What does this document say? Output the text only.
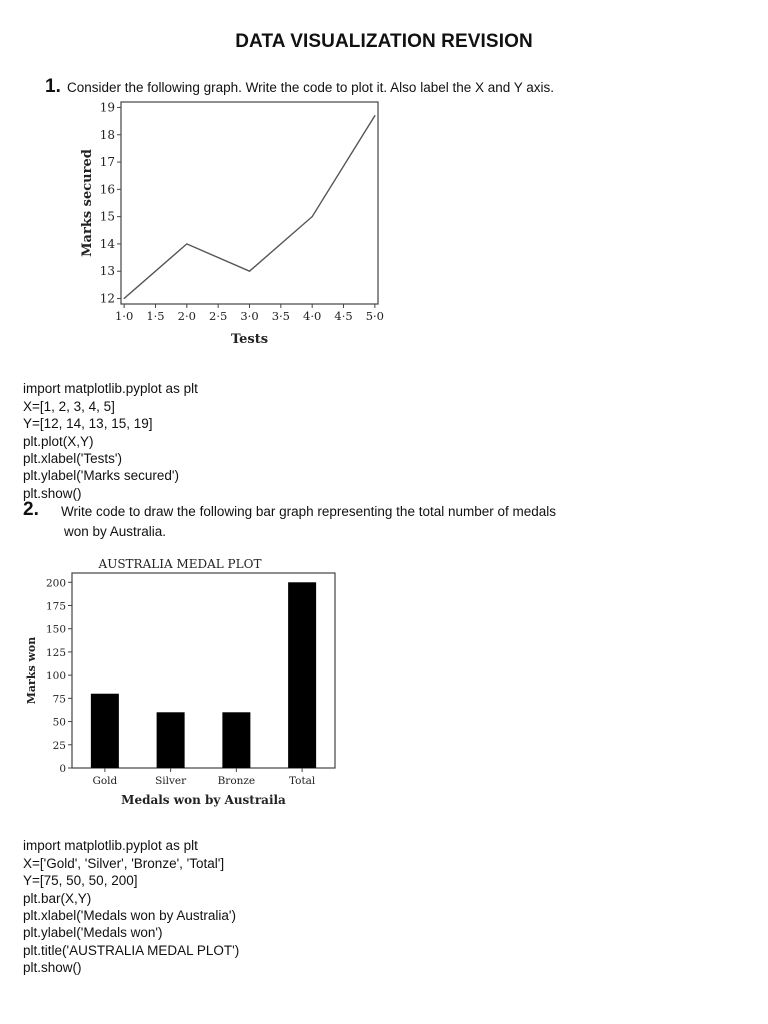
DATA VISUALIZATION REVISION
1. Consider the following graph. Write the code to plot it. Also label the X and Y axis.
12
13
14
15
16
17
18
19
1·0 1·5 2·0 2·5 3·0 3·5 4·0 4·5 5·0
Tests
Marks secured

import matplotlib.pyplot as plt
X=[1, 2, 3, 4, 5]
Y=[12, 14, 13, 15, 19]
plt.plot(X,Y)
plt.xlabel('Tests')
plt.ylabel('Marks secured')
plt.show()

2. Write code to draw the following bar graph representing the total number of medals
won by Australia.
0
25
50
75
100
125
150
175
200
Gold	Silver	Bronze	Total
AUSTRALIA MEDAL PLOT
Medals won by Austraila
Marks won

import matplotlib.pyplot as plt
X=['Gold', 'Silver', 'Bronze', 'Total']
Y=[75, 50, 50, 200]
plt.bar(X,Y)
plt.xlabel('Medals won by Australia')
plt.ylabel('Medals won')
plt.title('AUSTRALIA MEDAL PLOT')
plt.show()
